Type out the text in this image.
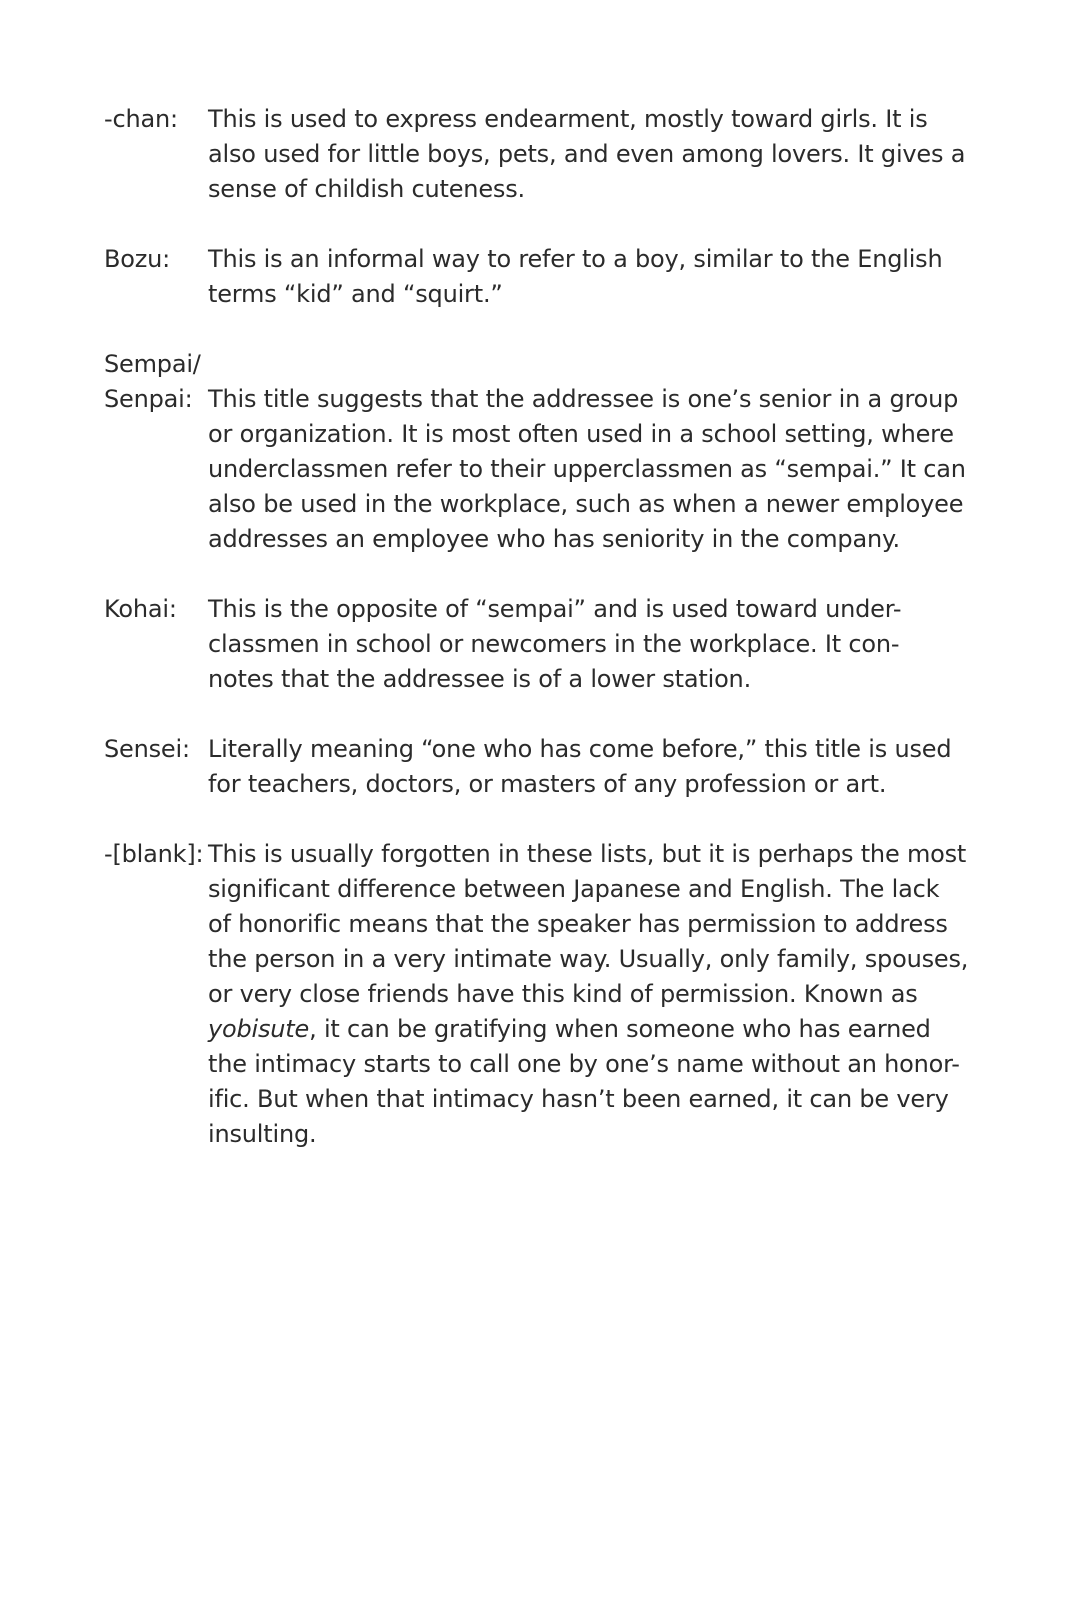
-chan: This is used to express endearment, mostly toward girls. It is
also used for little boys, pets, and even among lovers. It gives a
sense of childish cuteness.
Bozu: This is an informal way to refer to a boy, similar to the English
terms “kid” and “squirt.”
Sempai/
Senpai: This title suggests that the addressee is one’s senior in a group
or organization. It is most often used in a school setting, where
underclassmen refer to their upperclassmen as “sempai.” It can
also be used in the workplace, such as when a newer employee
addresses an employee who has seniority in the company.
Kohai: This is the opposite of “sempai” and is used toward under-
classmen in school or newcomers in the workplace. It con-
notes that the addressee is of a lower station.
Sensei: Literally meaning “one who has come before,” this title is used
for teachers, doctors, or masters of any profession or art.
-[blank]: This is usually forgotten in these lists, but it is perhaps the most
significant difference between Japanese and English. The lack
of honorific means that the speaker has permission to address
the person in a very intimate way. Usually, only family, spouses,
or very close friends have this kind of permission. Known as
yobisute, it can be gratifying when someone who has earned
the intimacy starts to call one by one’s name without an honor-
ific. But when that intimacy hasn’t been earned, it can be very
insulting.
